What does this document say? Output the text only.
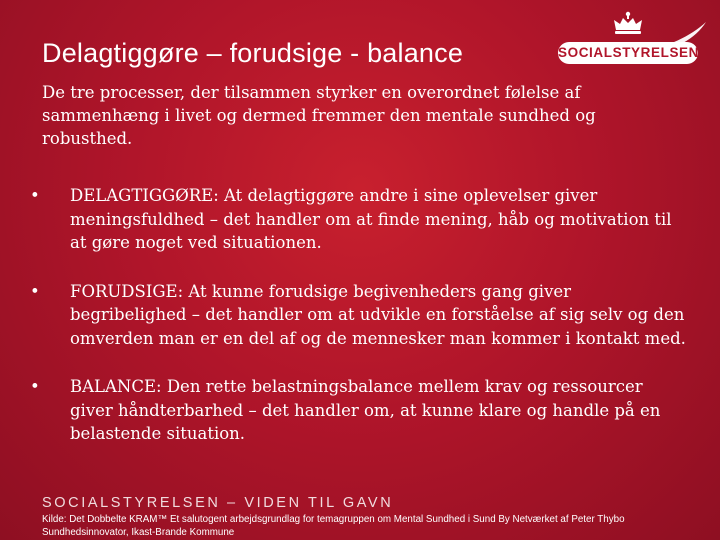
Delagtiggøre – forudsige - balance	SOCIALSTYRELSEN
De tre processer, der tilsammen styrker en overordnet følelse af sammenhæng i livet og dermed fremmer den mentale sundhed og robusthed.
•	DELAGTIGGØRE: At delagtiggøre andre i sine oplevelser giver meningsfuldhed – det handler om at finde mening, håb og motivation til at gøre noget ved situationen.
•	FORUDSIGE: At kunne forudsige begivenheders gang giver begribelighed – det handler om at udvikle en forståelse af sig selv og den omverden man er en del af og de mennesker man kommer i kontakt med.
•	BALANCE: Den rette belastningsbalance mellem krav og ressourcer giver håndterbarhed – det handler om, at kunne klare og handle på en belastende situation.
SOCIALSTYRELSEN – VIDEN TIL GAVN
Kilde: Det Dobbelte KRAM™ Et salutogent arbejdsgrundlag for temagruppen om Mental Sundhed i Sund By Netværket af Peter Thybo Sundhedsinnovator, Ikast-Brande Kommune
